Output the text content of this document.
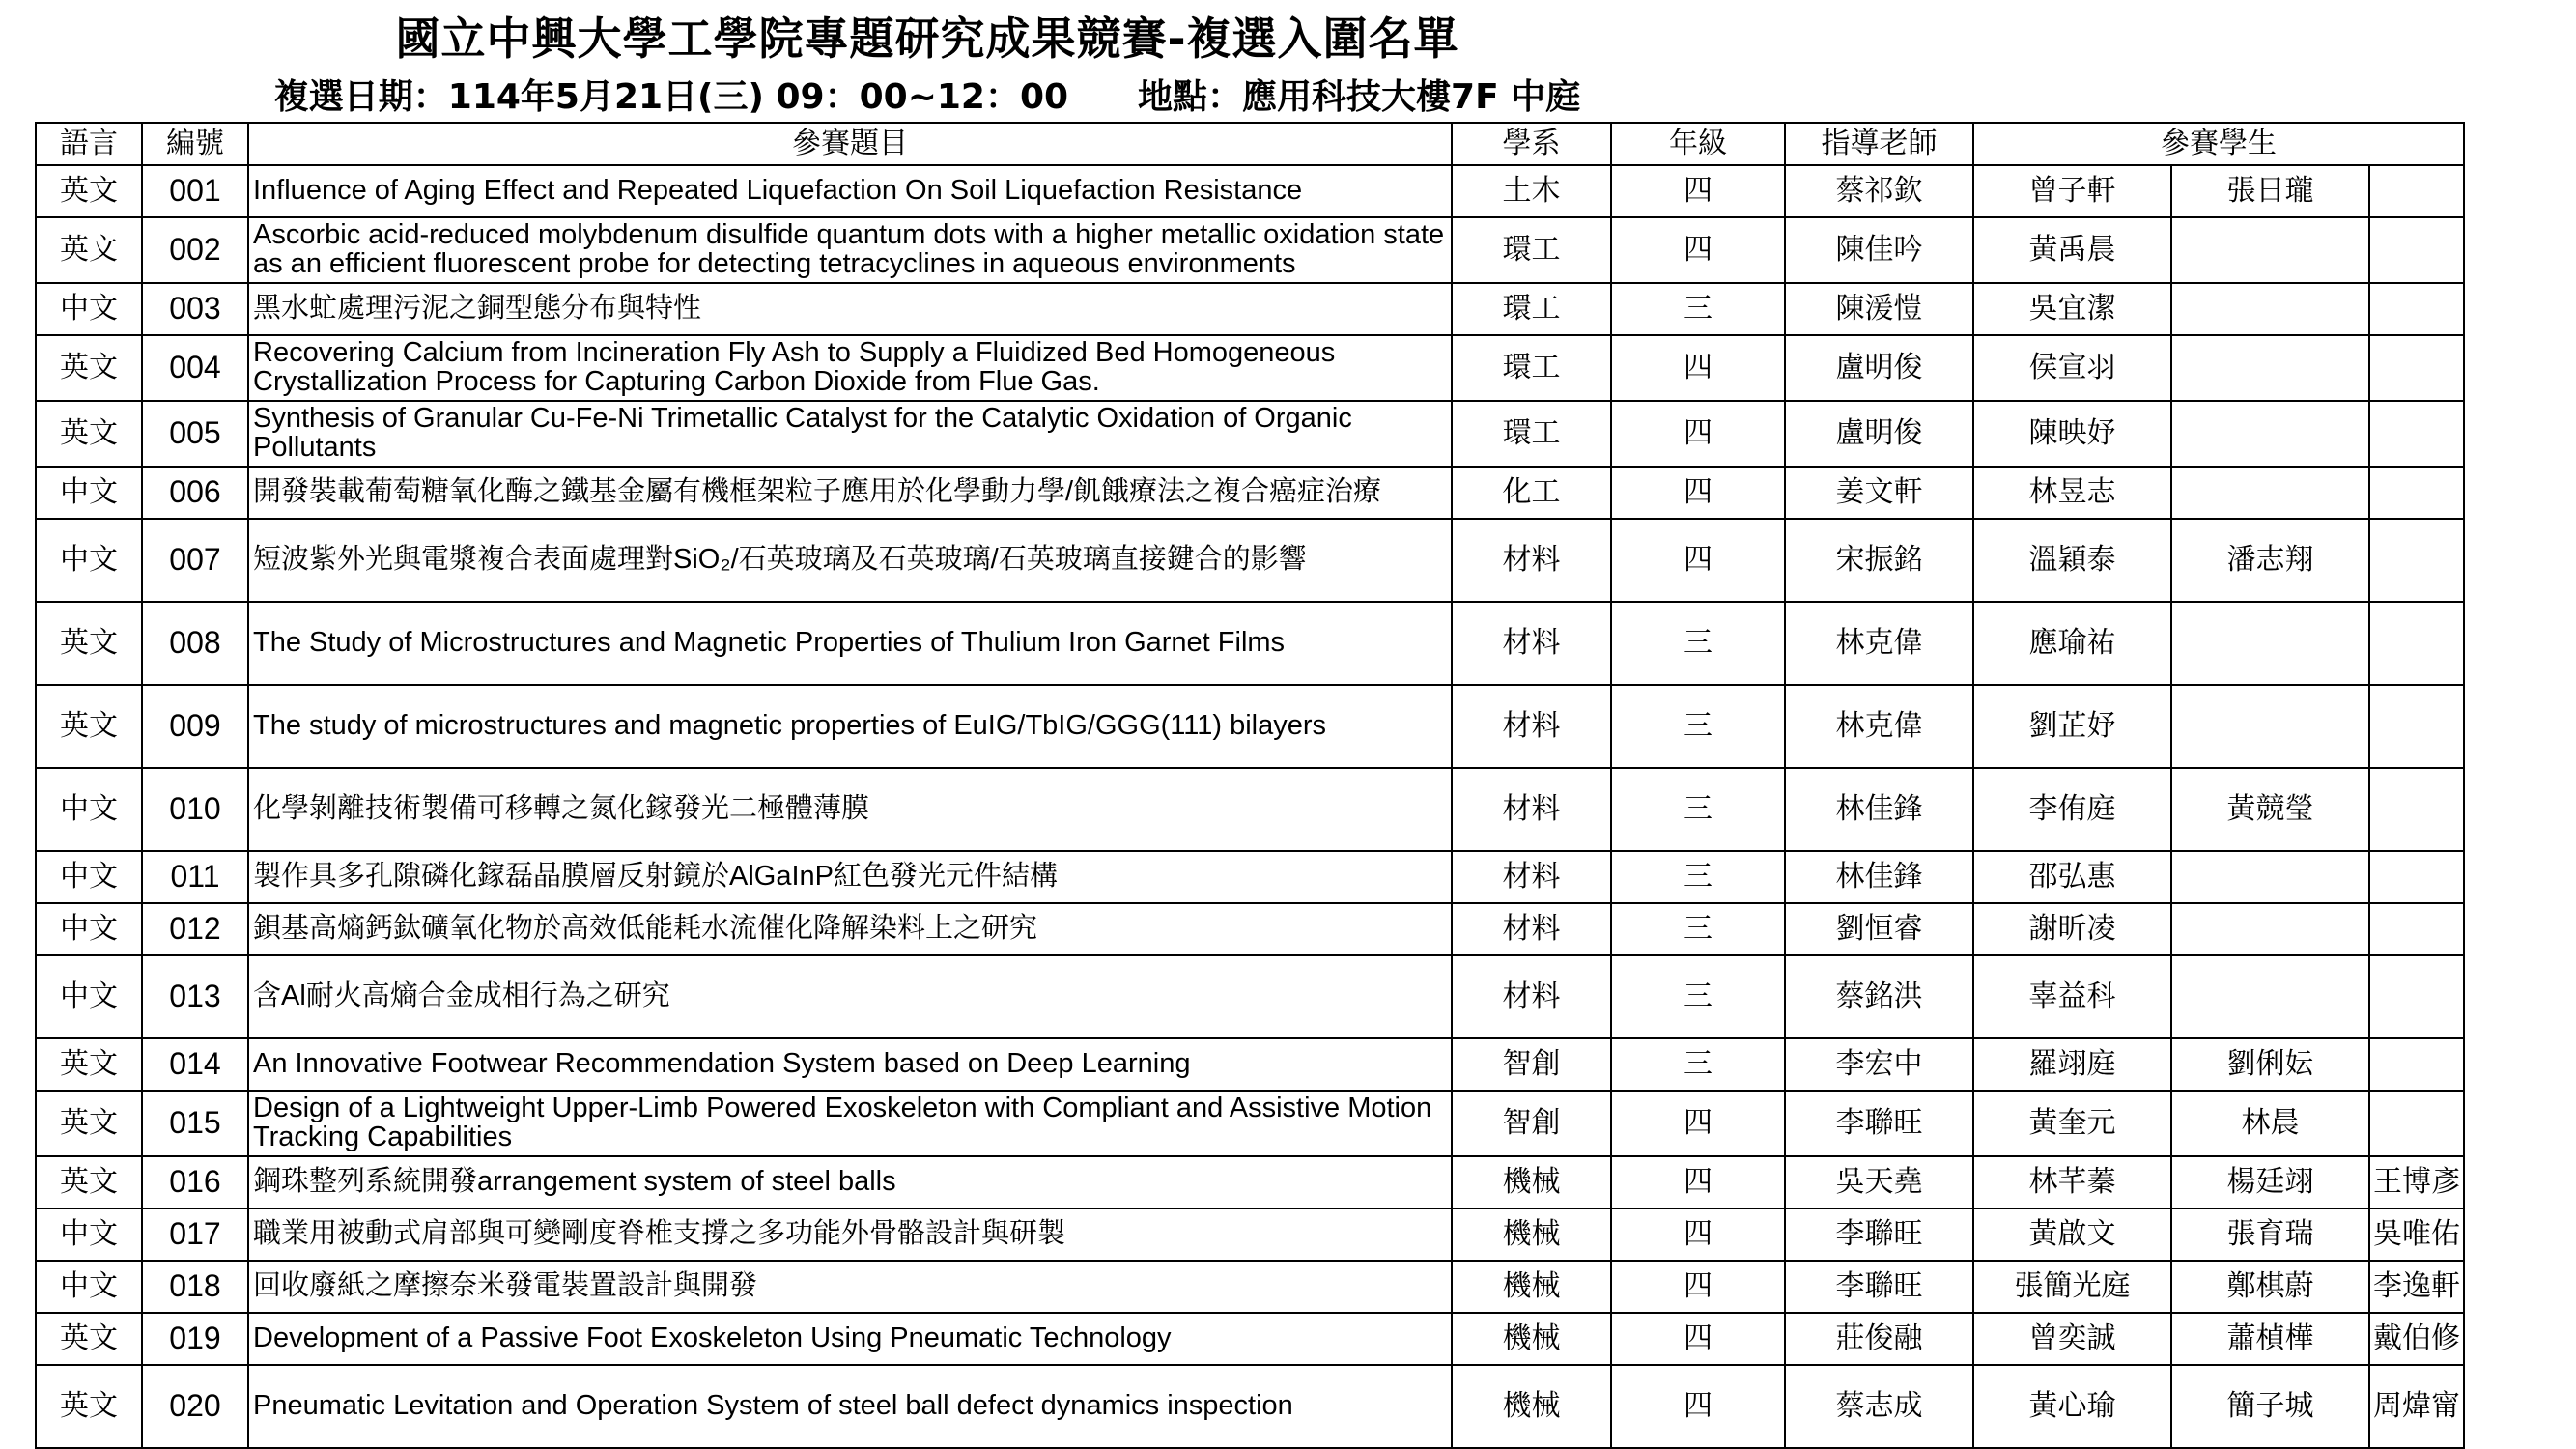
國立中興大學工學院專題研究成果競賽-複選入圍名單
複選日期：114年5月21日(三) 09：00~12：00　　地點：應用科技大樓7F 中庭
語言	編號	參賽題目	學系	年級	指導老師	參賽學生		
英文	001	Influence of Aging Effect and Repeated Liquefaction On Soil Liquefaction Resistance	土木	四	蔡祁欽	曾子軒	張日瓏	
英文	002	Ascorbic acid-reduced molybdenum disulfide quantum dots with a higher metallic oxidation state as an efficient fluorescent probe for detecting tetracyclines in aqueous environments	環工	四	陳佳吟	黃禹晨		
中文	003	黑水虻處理污泥之銅型態分布與特性	環工	三	陳湲愷	吳宜潔		
英文	004	Recovering Calcium from Incineration Fly Ash to Supply a Fluidized Bed Homogeneous Crystallization Process for Capturing Carbon Dioxide from Flue Gas.	環工	四	盧明俊	侯宣羽		
英文	005	Synthesis of Granular Cu-Fe-Ni Trimetallic Catalyst for the Catalytic Oxidation of Organic Pollutants	環工	四	盧明俊	陳映妤		
中文	006	開發裝載葡萄糖氧化酶之鐵基金屬有機框架粒子應用於化學動力學/飢餓療法之複合癌症治療	化工	四	姜文軒	林昱志		
中文	007	短波紫外光與電漿複合表面處理對SiO₂/石英玻璃及石英玻璃/石英玻璃直接鍵合的影響	材料	四	宋振銘	溫穎泰	潘志翔	
英文	008	The Study of Microstructures and Magnetic Properties of Thulium Iron Garnet Films	材料	三	林克偉	應瑜祐		
英文	009	The study of microstructures and magnetic properties of EuIG/TbIG/GGG(111) bilayers	材料	三	林克偉	劉芷妤		
中文	010	化學剝離技術製備可移轉之氮化鎵發光二極體薄膜	材料	三	林佳鋒	李侑庭	黃競瑩	
中文	011	製作具多孔隙磷化鎵磊晶膜層反射鏡於AlGaInP紅色發光元件結構	材料	三	林佳鋒	邵弘惠		
中文	012	鋇基高熵鈣鈦礦氧化物於高效低能耗水流催化降解染料上之研究	材料	三	劉恒睿	謝昕凌		
中文	013	含Al耐火高熵合金成相行為之研究	材料	三	蔡銘洪	辜益科		
英文	014	An Innovative Footwear Recommendation System based on Deep Learning	智創	三	李宏中	羅翊庭	劉俐妘	
英文	015	Design of a Lightweight Upper-Limb Powered Exoskeleton with Compliant and Assistive Motion Tracking Capabilities	智創	四	李聯旺	黃奎元	林晨	
英文	016	鋼珠整列系統開發arrangement system of steel balls	機械	四	吳天堯	林芊蓁	楊廷翊	王博彥
中文	017	職業用被動式肩部與可變剛度脊椎支撐之多功能外骨骼設計與研製	機械	四	李聯旺	黃啟文	張育瑞	吳唯佑
中文	018	回收廢紙之摩擦奈米發電裝置設計與開發	機械	四	李聯旺	張簡光庭	鄭棋蔚	李逸軒
英文	019	Development of a Passive Foot Exoskeleton Using Pneumatic Technology	機械	四	莊俊融	曾奕誠	蕭楨樺	戴伯修
英文	020	Pneumatic Levitation and Operation System of steel ball defect dynamics inspection	機械	四	蔡志成	黃心瑜	簡子城	周煒甯
